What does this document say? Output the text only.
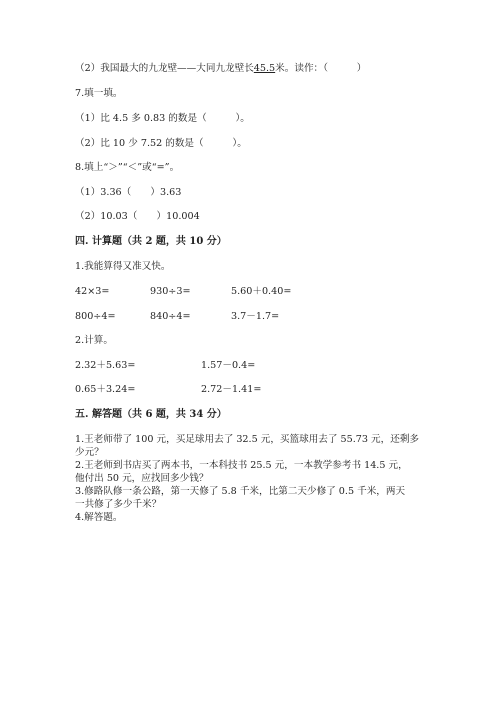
（2）我国最大的九龙壁——大同九龙壁长45.5米。读作：（　　　）
7.填一填。
（1）比 4.5 多 0.83 的数是（　　　）。
（2）比 10 少 7.52 的数是（　　　）。
8.填上“＞”“＜”或“=”。
（1）3.36（　　）3.63
（2）10.03（　　）10.004
四. 计算题（共 2 题，共 10 分）
1.我能算得又准又快。
42×3=	930÷3=	5.60＋0.40=
800÷4=	840÷4=	3.7－1.7=
2.计算。
2.32＋5.63=	1.57－0.4=
0.65＋3.24=	2.72－1.41=
五. 解答题（共 6 题，共 34 分）
1.王老师带了 100 元，买足球用去了 32.5 元，买篮球用去了 55.73 元，还剩多
少元？
2.王老师到书店买了两本书，一本科技书 25.5 元，一本教学参考书 14.5 元，
他付出 50 元，应找回多少钱？
3.修路队修一条公路，第一天修了 5.8 千米，比第二天少修了 0.5 千米，两天
一共修了多少千米？
4.解答题。
